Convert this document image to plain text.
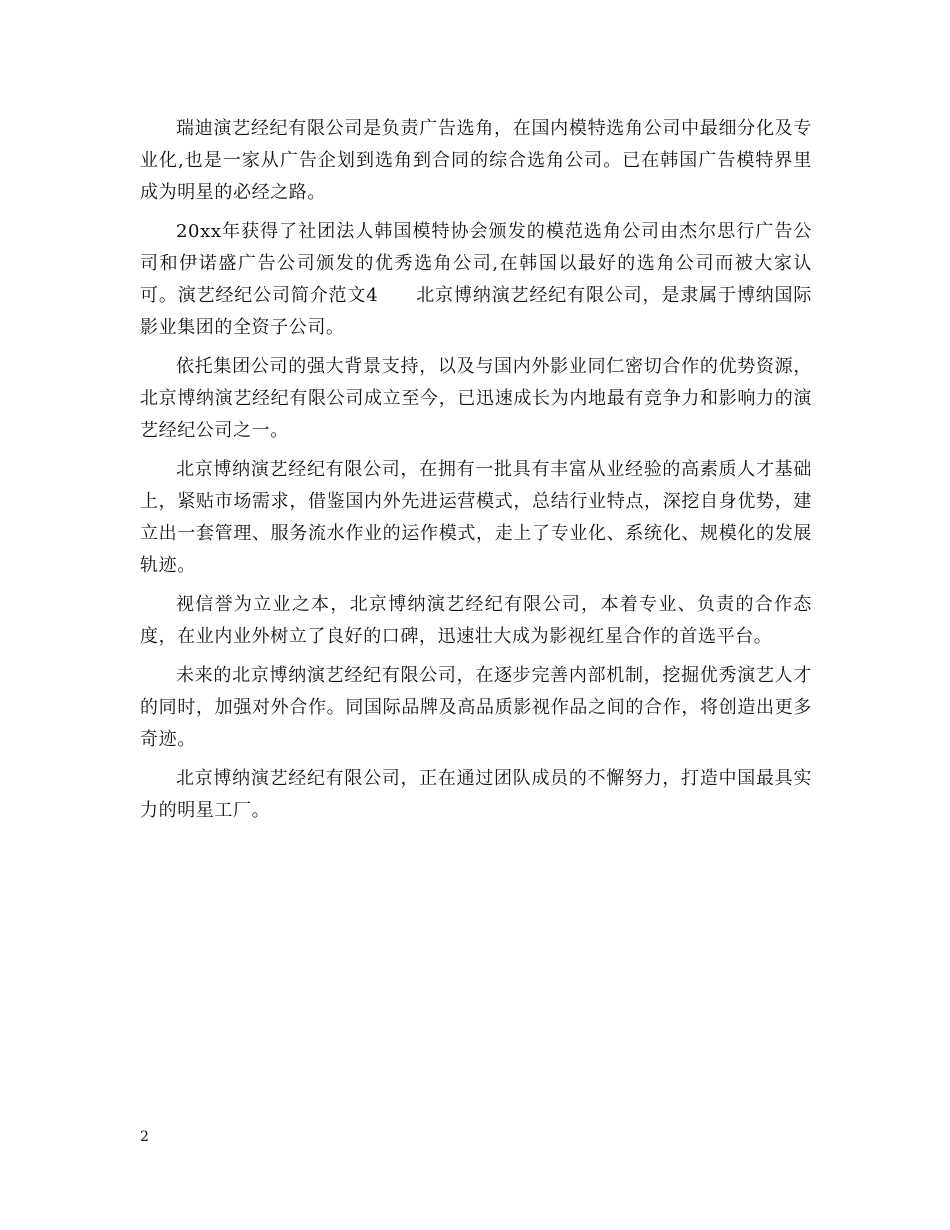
瑞迪演艺经纪有限公司是负责广告选角，在国内模特选角公司中最细分化及专业化,也是一家从广告企划到选角到合同的综合选角公司。已在韩国广告模特界里成为明星的必经之路。

20xx年获得了社团法人韩国模特协会颁发的模范选角公司由杰尔思行广告公司和伊诺盛广告公司颁发的优秀选角公司,在韩国以最好的选角公司而被大家认可。演艺经纪公司简介范文4　　北京博纳演艺经纪有限公司，是隶属于博纳国际影业集团的全资子公司。

依托集团公司的强大背景支持，以及与国内外影业同仁密切合作的优势资源，北京博纳演艺经纪有限公司成立至今，已迅速成长为内地最有竞争力和影响力的演艺经纪公司之一。

北京博纳演艺经纪有限公司，在拥有一批具有丰富从业经验的高素质人才基础上，紧贴市场需求，借鉴国内外先进运营模式，总结行业特点，深挖自身优势，建立出一套管理、服务流水作业的运作模式，走上了专业化、系统化、规模化的发展轨迹。

视信誉为立业之本，北京博纳演艺经纪有限公司，本着专业、负责的合作态度，在业内业外树立了良好的口碑，迅速壮大成为影视红星合作的首选平台。

未来的北京博纳演艺经纪有限公司，在逐步完善内部机制，挖掘优秀演艺人才的同时，加强对外合作。同国际品牌及高品质影视作品之间的合作，将创造出更多奇迹。

北京博纳演艺经纪有限公司，正在通过团队成员的不懈努力，打造中国最具实力的明星工厂。

2
